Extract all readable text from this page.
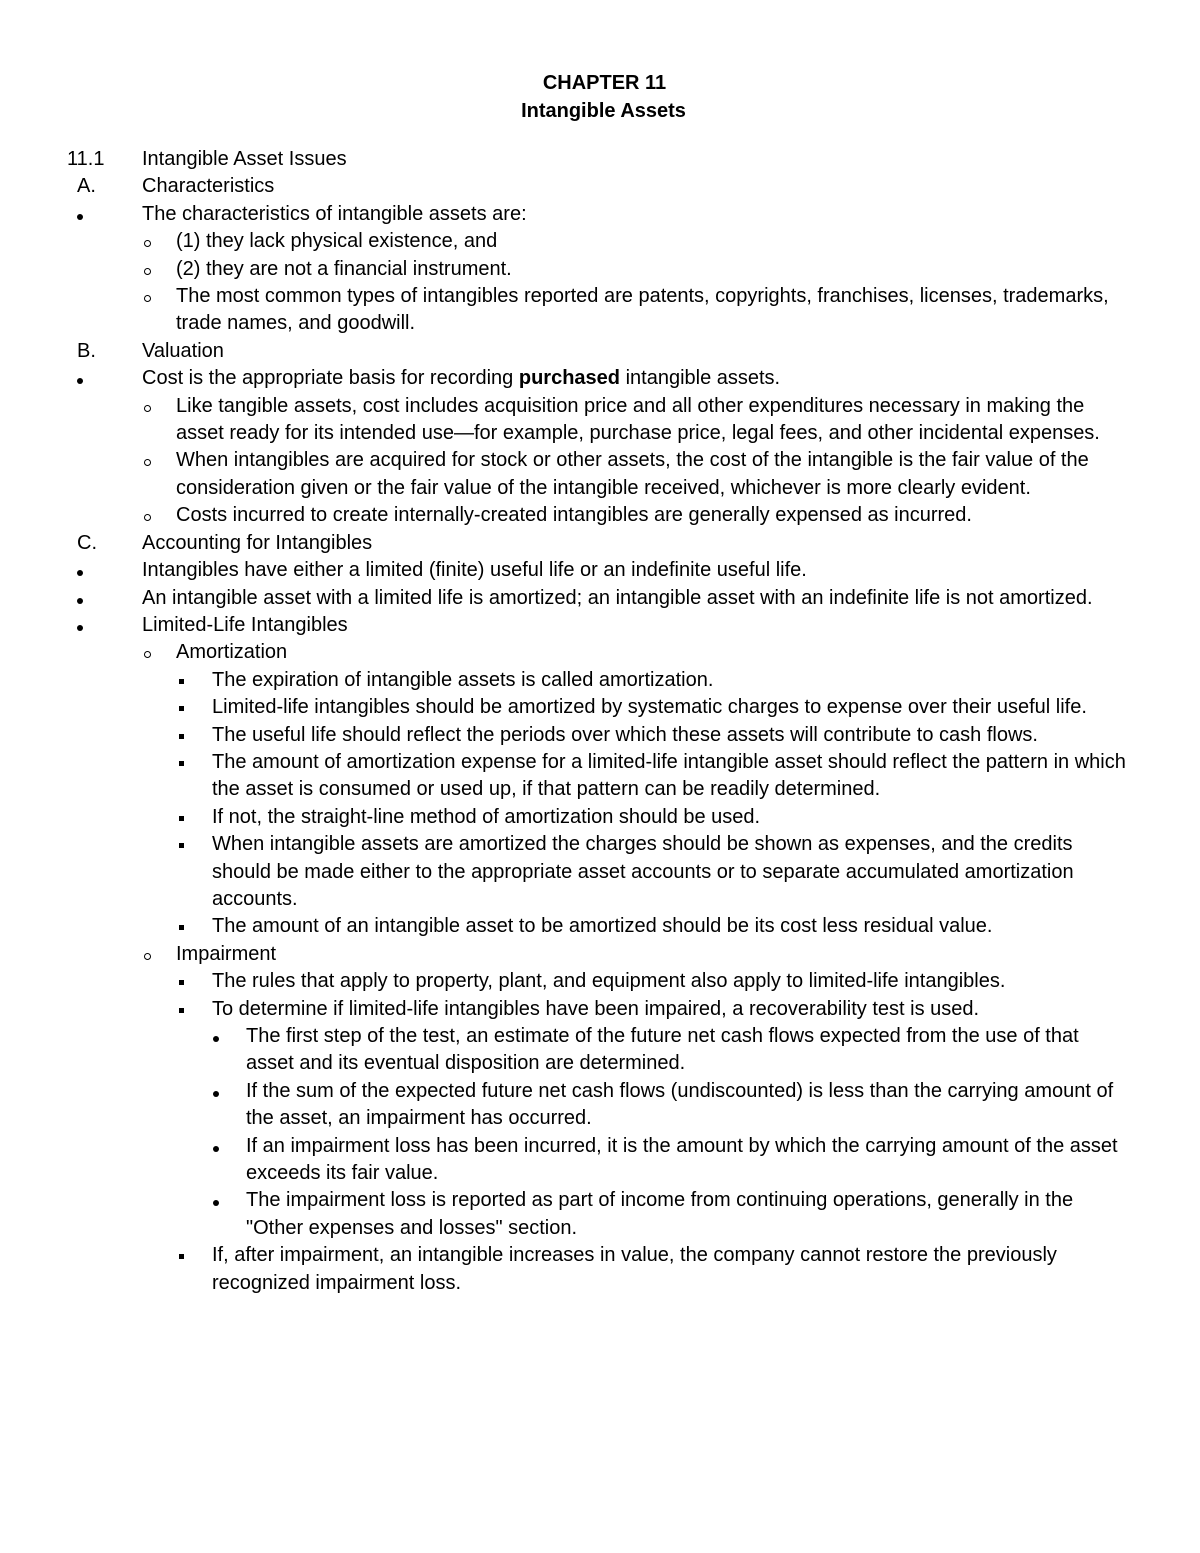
CHAPTER 11

Intangible Assets

11.1	Intangible Asset Issues
A.	Characteristics
The characteristics of intangible assets are:
(1) they lack physical existence, and
(2) they are not a financial instrument.
The most common types of intangibles reported are patents, copyrights, franchises, licenses, trademarks, trade names, and goodwill.
B.	Valuation
Cost is the appropriate basis for recording purchased intangible assets.
Like tangible assets, cost includes acquisition price and all other expenditures necessary in making the asset ready for its intended use—for example, purchase price, legal fees, and other incidental expenses.
When intangibles are acquired for stock or other assets, the cost of the intangible is the fair value of the consideration given or the fair value of the intangible received, whichever is more clearly evident.
Costs incurred to create internally-created intangibles are generally expensed as incurred.
C.	Accounting for Intangibles
Intangibles have either a limited (finite) useful life or an indefinite useful life.
An intangible asset with a limited life is amortized; an intangible asset with an indefinite life is not amortized.
Limited-Life Intangibles
Amortization
The expiration of intangible assets is called amortization.
Limited-life intangibles should be amortized by systematic charges to expense over their useful life.
The useful life should reflect the periods over which these assets will contribute to cash flows.
The amount of amortization expense for a limited-life intangible asset should reflect the pattern in which the asset is consumed or used up, if that pattern can be readily determined.
If not, the straight-line method of amortization should be used.
When intangible assets are amortized the charges should be shown as expenses, and the credits should be made either to the appropriate asset accounts or to separate accumulated amortization accounts.
The amount of an intangible asset to be amortized should be its cost less residual value.
Impairment
The rules that apply to property, plant, and equipment also apply to limited-life intangibles.
To determine if limited-life intangibles have been impaired, a recoverability test is used.
The first step of the test, an estimate of the future net cash flows expected from the use of that asset and its eventual disposition are determined.
If the sum of the expected future net cash flows (undiscounted) is less than the carrying amount of the asset, an impairment has occurred.
If an impairment loss has been incurred, it is the amount by which the carrying amount of the asset exceeds its fair value.
The impairment loss is reported as part of income from continuing operations, generally in the "Other expenses and losses" section.
If, after impairment, an intangible increases in value, the company cannot restore the previously recognized impairment loss.
